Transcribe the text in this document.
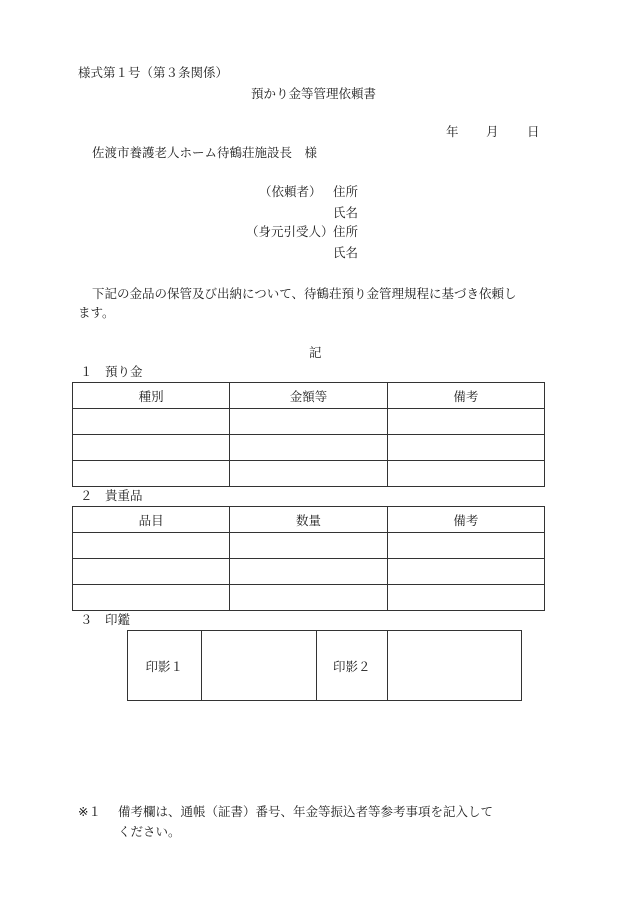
様式第１号（第３条関係）
預かり金等管理依頼書
年 月 日
佐渡市養護老人ホーム待鶴荘施設長　様
（依頼者） 住所
氏名
（身元引受人） 住所
氏名
下記の金品の保管及び出納について、待鶴荘預り金管理規程に基づき依頼し
ます。
記
１　預り金
種別	金額等	備考

２　貴重品
品目	数量	備考

３　印鑑
印影１		印影２	
※１ 備考欄は、通帳（証書）番号、年金等振込者等参考事項を記入して
ください。
